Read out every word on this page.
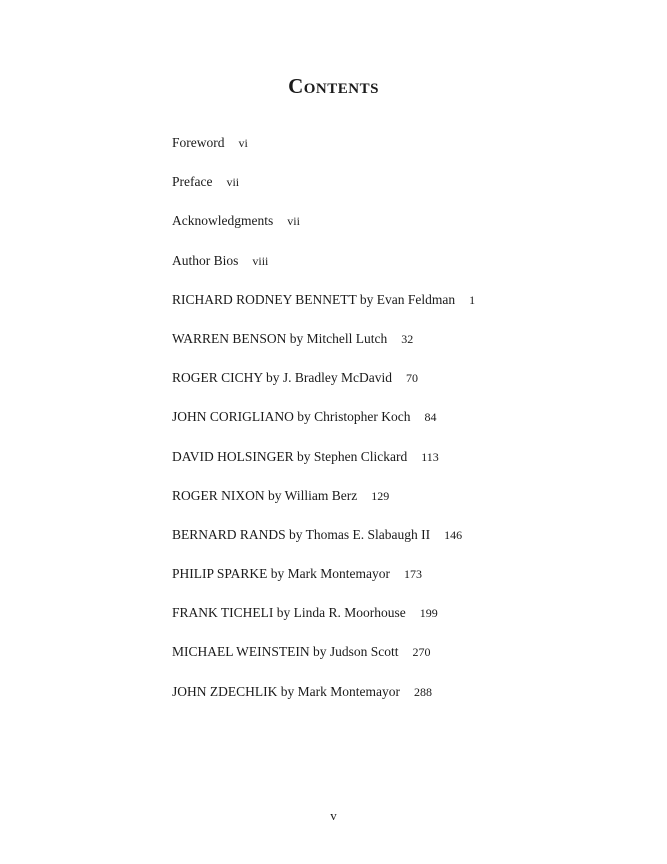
Contents
Foreword vi
Preface vii
Acknowledgments vii
Author Bios viii
RICHARD RODNEY BENNETT by Evan Feldman 1
WARREN BENSON by Mitchell Lutch 32
ROGER CICHY by J. Bradley McDavid 70
JOHN CORIGLIANO by Christopher Koch 84
DAVID HOLSINGER by Stephen Clickard 113
ROGER NIXON by William Berz 129
BERNARD RANDS by Thomas E. Slabaugh II 146
PHILIP SPARKE by Mark Montemayor 173
FRANK TICHELI by Linda R. Moorhouse 199
MICHAEL WEINSTEIN by Judson Scott 270
JOHN ZDECHLIK by Mark Montemayor 288
v
